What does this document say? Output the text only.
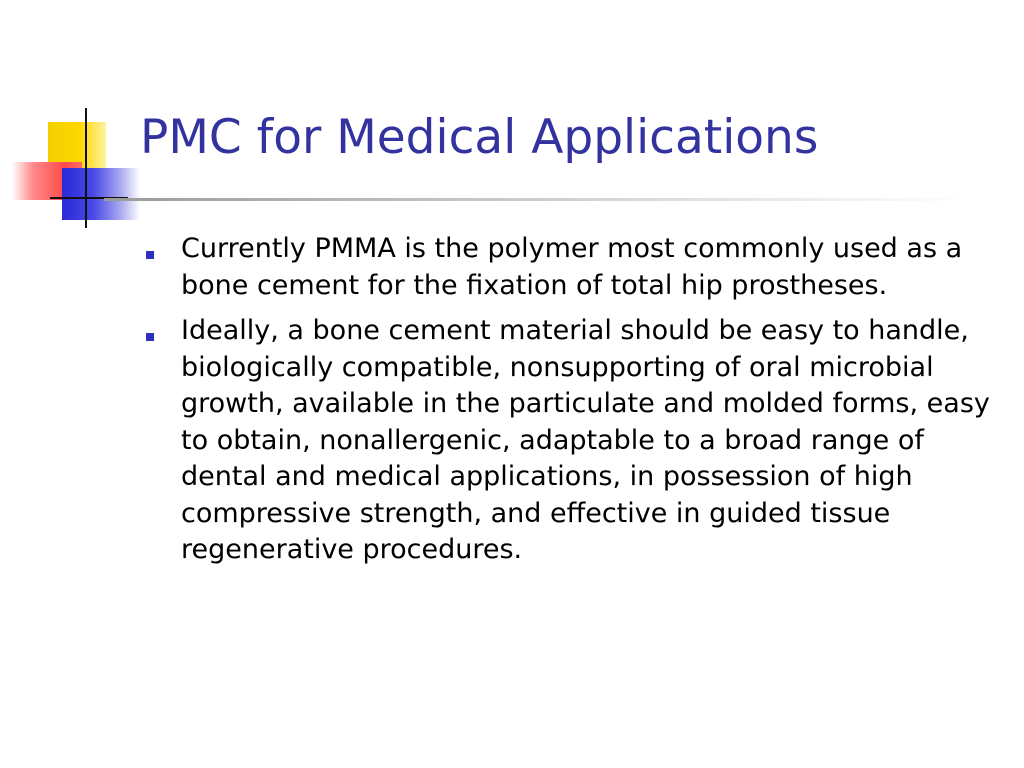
PMC for Medical Applications
Currently PMMA is the polymer most commonly used as a bone cement for the fixation of total hip prostheses.
Ideally, a bone cement material should be easy to handle, biologically compatible, nonsupporting of oral microbial growth, available in the particulate and molded forms, easy to obtain, nonallergenic, adaptable to a broad range of dental and medical applications, in possession of high compressive strength, and effective in guided tissue regenerative procedures.
